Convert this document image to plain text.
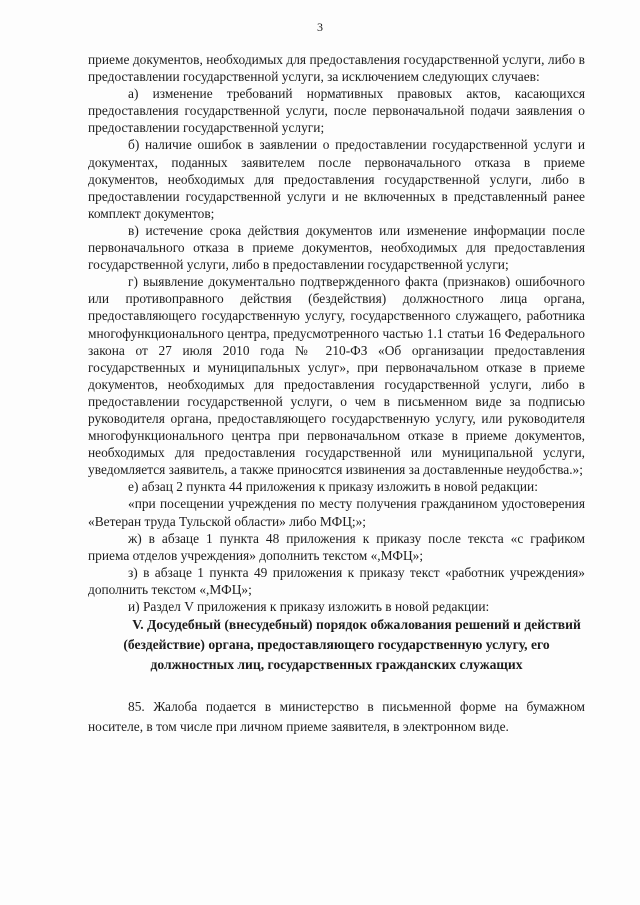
3

приеме документов, необходимых для предоставления государственной услуги, либо в предоставлении государственной услуги, за исключением следующих случаев:

а) изменение требований нормативных правовых актов, касающихся предоставления государственной услуги, после первоначальной подачи заявления о предоставлении государственной услуги;

б) наличие ошибок в заявлении о предоставлении государственной услуги и документах, поданных заявителем после первоначального отказа в приеме документов, необходимых для предоставления государственной услуги, либо в предоставлении государственной услуги и не включенных в представленный ранее комплект документов;

в) истечение срока действия документов или изменение информации после первоначального отказа в приеме документов, необходимых для предоставления государственной услуги, либо в предоставлении государственной услуги;

г) выявление документально подтвержденного факта (признаков) ошибочного или противоправного действия (бездействия) должностного лица органа, предоставляющего государственную услугу, государственного служащего, работника многофункционального центра, предусмотренного частью 1.1 статьи 16 Федерального закона от 27 июля 2010 года № 210-ФЗ «Об организации предоставления государственных и муниципальных услуг», при первоначальном отказе в приеме документов, необходимых для предоставления государственной услуги, либо в предоставлении государственной услуги, о чем в письменном виде за подписью руководителя органа, предоставляющего государственную услугу, или руководителя многофункционального центра при первоначальном отказе в приеме документов, необходимых для предоставления государственной или муниципальной услуги, уведомляется заявитель, а также приносятся извинения за доставленные неудобства.»;

е) абзац 2 пункта 44 приложения к приказу изложить в новой редакции:

«при посещении учреждения по месту получения гражданином удостоверения «Ветеран труда Тульской области» либо МФЦ;»;

ж) в абзаце 1 пункта 48 приложения к приказу после текста «с графиком приема отделов учреждения» дополнить текстом «,МФЦ»;

з) в абзаце 1 пункта 49 приложения к приказу текст «работник учреждения» дополнить текстом «,МФЦ»;

и) Раздел V приложения к приказу изложить в новой редакции:

V. Досудебный (внесудебный) порядок обжалования решений и действий (бездействие) органа, предоставляющего государственную услугу, его должностных лиц, государственных гражданских служащих

85. Жалоба подается в министерство в письменной форме на бумажном носителе, в том числе при личном приеме заявителя, в электронном виде.
